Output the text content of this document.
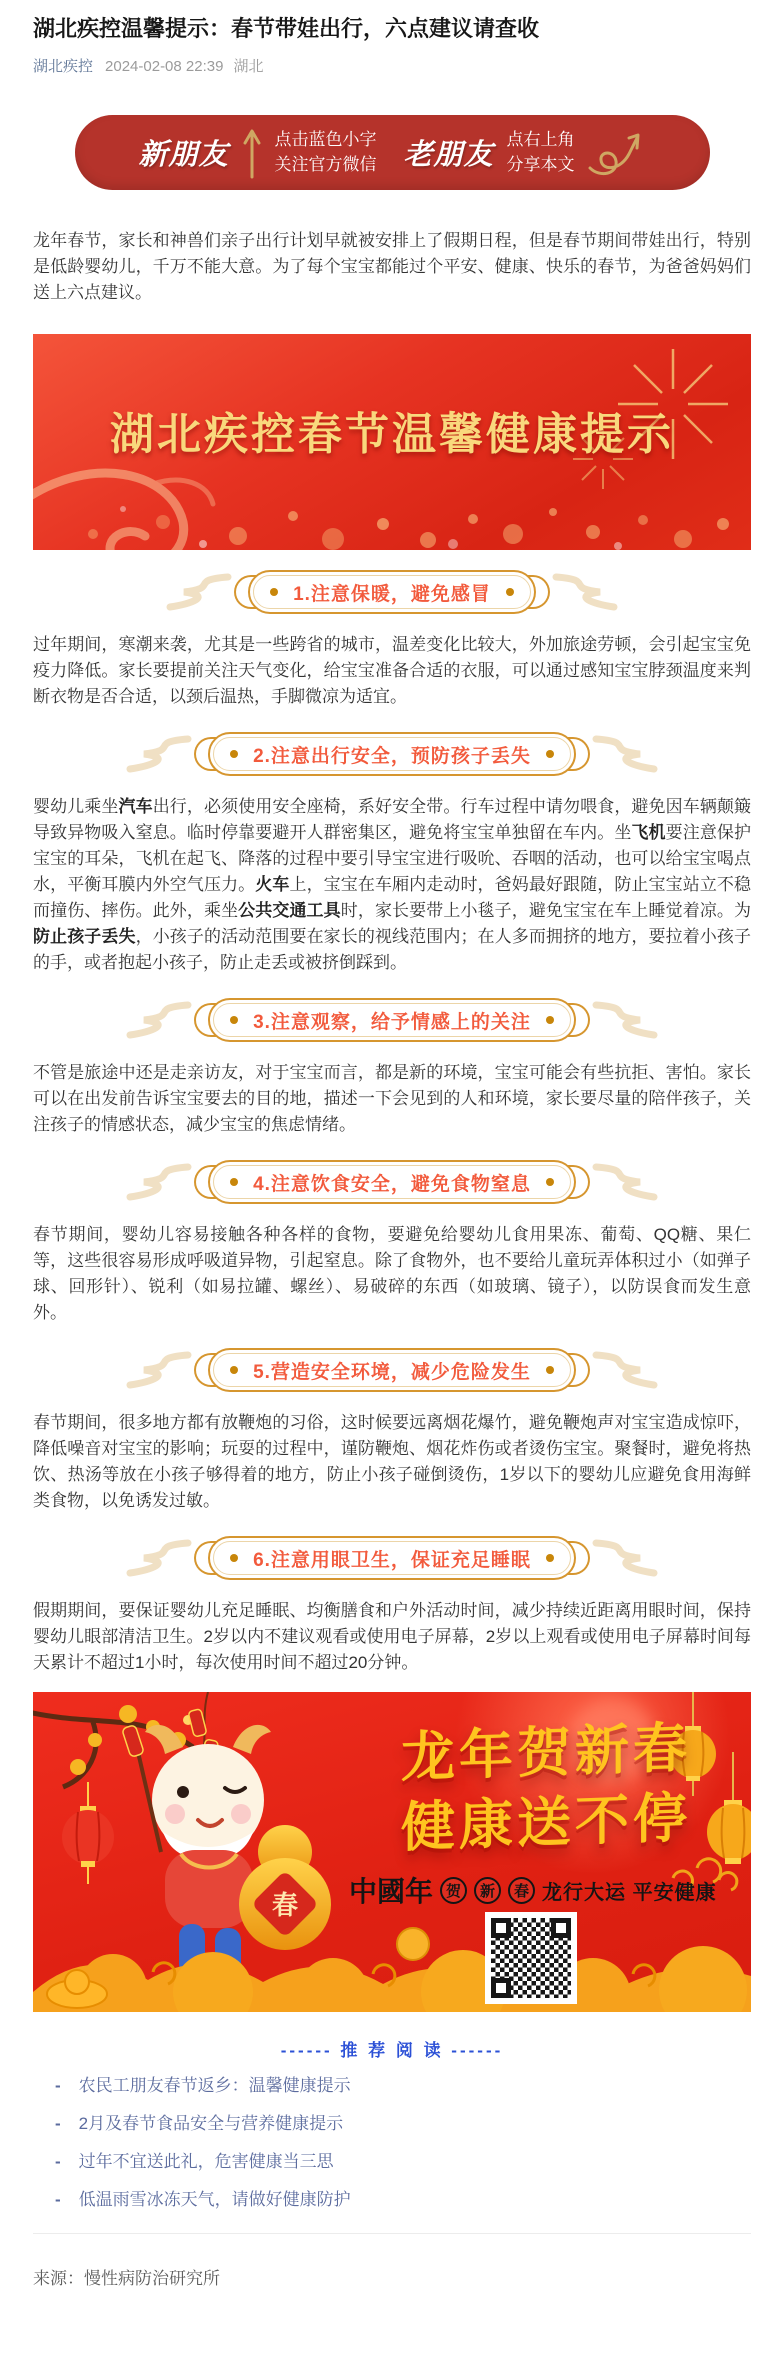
湖北疾控温馨提示：春节带娃出行，六点建议请查收
湖北疾控 2024-02-08 22:39 湖北
新朋友	点击蓝色小字
关注官方微信 老朋友 点右上角
分享本文

龙年春节，家长和神兽们亲子出行计划早就被安排上了假期日程，但是春节期间带娃出行，特别是低龄婴幼儿，千万不能大意。为了每个宝宝都能过个平安、健康、快乐的春节，为爸爸妈妈们送上六点建议。

湖北疾控春节温馨健康提示
1.注意保暖，避免感冒

过年期间，寒潮来袭，尤其是一些跨省的城市，温差变化比较大，外加旅途劳顿，会引起宝宝免疫力降低。家长要提前关注天气变化，给宝宝准备合适的衣服，可以通过感知宝宝脖颈温度来判断衣物是否合适，以颈后温热，手脚微凉为适宜。

2.注意出行安全，预防孩子丢失

婴幼儿乘坐汽车出行，必须使用安全座椅，系好安全带。行车过程中请勿喂食，避免因车辆颠簸导致异物吸入窒息。临时停靠要避开人群密集区，避免将宝宝单独留在车内。坐飞机要注意保护宝宝的耳朵，飞机在起飞、降落的过程中要引导宝宝进行吸吮、吞咽的活动，也可以给宝宝喝点水，平衡耳膜内外空气压力。火车上，宝宝在车厢内走动时，爸妈最好跟随，防止宝宝站立不稳而撞伤、摔伤。此外，乘坐公共交通工具时，家长要带上小毯子，避免宝宝在车上睡觉着凉。为防止孩子丢失，小孩子的活动范围要在家长的视线范围内；在人多而拥挤的地方，要拉着小孩子的手，或者抱起小孩子，防止走丢或被挤倒踩到。

3.注意观察，给予情感上的关注

不管是旅途中还是走亲访友，对于宝宝而言，都是新的环境，宝宝可能会有些抗拒、害怕。家长可以在出发前告诉宝宝要去的目的地，描述一下会见到的人和环境，家长要尽量的陪伴孩子，关注孩子的情感状态，减少宝宝的焦虑情绪。

4.注意饮食安全，避免食物窒息

春节期间，婴幼儿容易接触各种各样的食物，要避免给婴幼儿食用果冻、葡萄、QQ糖、果仁等，这些很容易形成呼吸道异物，引起窒息。除了食物外，也不要给儿童玩弄体积过小（如弹子球、回形针）、锐利（如易拉罐、螺丝）、易破碎的东西（如玻璃、镜子），以防误食而发生意外。

5.营造安全环境，减少危险发生

春节期间，很多地方都有放鞭炮的习俗，这时候要远离烟花爆竹，避免鞭炮声对宝宝造成惊吓，降低噪音对宝宝的影响；玩耍的过程中，谨防鞭炮、烟花炸伤或者烫伤宝宝。聚餐时，避免将热饮、热汤等放在小孩子够得着的地方，防止小孩子碰倒烫伤，1岁以下的婴幼儿应避免食用海鲜类食物，以免诱发过敏。

6.注意用眼卫生，保证充足睡眠

假期期间，要保证婴幼儿充足睡眠、均衡膳食和户外活动时间，减少持续近距离用眼时间，保持婴幼儿眼部清洁卫生。2岁以内不建议观看或使用电子屏幕，2岁以上观看或使用电子屏幕时间每天累计不超过1小时，每次使用时间不超过20分钟。

春
龙年贺新春
健康送不停
中國年 贺	新	春 龙行大运 平安健康
------ 推 荐 阅 读 ------
- 农民工朋友春节返乡：温馨健康提示
- 2月及春节食品安全与营养健康提示
- 过年不宜送此礼，危害健康当三思
- 低温雨雪冰冻天气，请做好健康防护
来源：慢性病防治研究所
